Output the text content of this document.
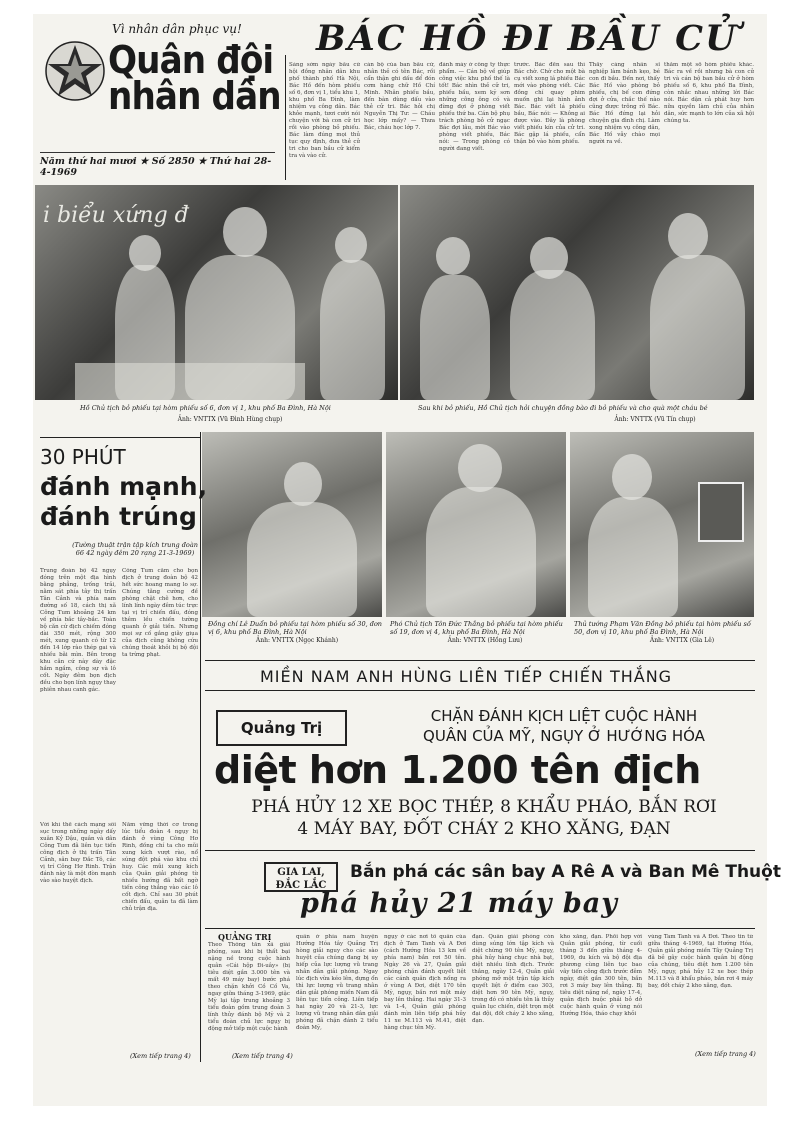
Vì nhân dân phục vụ!
Quân đội
nhân dân
Năm thứ hai mươi ★ Số 2850 ★ Thứ hai 28-4-1969
BÁC HỒ ĐI BẦU CỬ
Sáng sớm ngày bầu cử hội đồng nhân dân khu phố thành phố Hà Nội, Bác Hồ đến hòm phiếu số 6, đơn vị 1, tiểu khu 1, khu phố Ba Đình, làm nhiệm vụ công dân. Bác khỏe mạnh, tươi cười nói chuyện với bà con cử tri rồi vào phòng bỏ phiếu. Bác làm đúng mọi thủ tục quy định, đưa thẻ cử tri cho ban bầu cử kiểm tra và vào cử.
cán bộ của ban bầu cử, nhân thẻ có tên Bác, rồi cẩn thận ghi dấu để đón cơm hàng chữ Hồ Chí Minh. Nhân phiếu bầu, đến bàn dùng dấu vào thẻ cử tri. Bác hỏi chị Nguyễn Thị Tư: — Cháu học lớp mấy? — Thưa Bác, cháu học lớp 7.
đánh máy ở công ty thực phẩm. — Cán bộ về giúp công việc khu phố thế là tốt! Bác nhìn thẻ cử tri, phiếu bầu, xem kỹ sơn những công ông có và đừng đợi ở phòng viết phiếu thứ ba. Cán bộ phụ trách phòng bỏ cử ngạc Bác đợi lâu, mời Bác vào phòng viết phiếu, Bác nói: — Trong phòng có người đang viết.
trước. Bác đến sau thì Bác chờ. Chờ cho một bà cụ viết xong lá phiếu Bác mới vào phòng viết. Các đồng chí quay phim muốn ghi lại hình ảnh Bác. Bác viết lá phiếu bầu, Bác nói: — Không ai được vào. Đây là phòng viết phiếu kín của cử tri. Bác gập lá phiếu, cẩn thận bỏ vào hòm phiếu.
Thấy cảng nhân sĩ nghiệp làm bánh kẹo, bé con đi bầu. Đến nơi, thấy Bác Hồ vào phòng bỏ phiếu, chị bế con đứng đợi ở cửa, chắc thế nào cũng được trông rõ Bác. Bác Hồ đứng lại hỏi chuyện gia đình chị. Làm xong nhiệm vụ công dân, Bác Hồ vẫy chào mọi người ra về.
thăm một số hòm phiếu khác. Bác ra về rồi nhưng bà con cử tri và cán bộ ban bầu cử ở hòm phiếu số 6, khu phố Ba Đình, còn nhắc nhau những lời Bác nói. Bác dặn cả phát huy hơn nữa quyền làm chủ của nhân dân, sức mạnh to lớn của xã hội chúng ta.
i biểu xứng đ
Hồ Chủ tịch bỏ phiếu tại hòm phiếu số 6, đơn vị 1, khu phố Ba Đình, Hà Nội
Ảnh: VNTTX (Vũ Đình Hùng chụp)
Sau khi bỏ phiếu, Hồ Chủ tịch hỏi chuyện đồng bào đi bỏ phiếu và cho quà một cháu bé
Ảnh: VNTTX (Vũ Tín chụp)
Đồng chí Lê Duẩn bỏ phiếu tại hòm phiếu số 30, đơn vị 6, khu phố Ba Đình, Hà Nội
Ảnh: VNTTX (Ngọc Khánh)
Phó Chủ tịch Tôn Đức Thắng bỏ phiếu tại hòm phiếu số 19, đơn vị 4, khu phố Ba Đình, Hà Nội
Ảnh: VNTTX (Hồng Lưu)
Thủ tướng Phạm Văn Đồng bỏ phiếu tại hòm phiếu số 50, đơn vị 10, khu phố Ba Đình, Hà Nội
Ảnh: VNTTX (Gia Lê)
30 PHÚT
đánh mạnh,
đánh trúng
(Tường thuật trận tập kích trung đoàn 66 42 ngày đêm 20 rạng 21-3-1969)
Trung đoàn bộ 42 ngụy đóng trên một địa hình bằng phẳng, trống trải, nằm sát phía tây thị trấn Tân Cảnh và phía nam đường số 18, cách thị xã Công Tum khoảng 24 km về phía bắc tây-bắc. Toàn bộ căn cứ địch chiếm đóng dài 350 mét, rộng 300 mét, xung quanh có từ 12 đến 14 lớp rào thép gai và nhiều bãi mìn. Bên trong khu căn cứ này dày đặc hầm ngầm, công sự và lô cốt. Ngày đêm bọn địch đều cho bọn lính ngụy thay phiên nhau canh gác.
Công Tum cắm cho bọn địch ở trung đoàn bộ 42 hết sức hoang mang lo sợ. Chúng tăng cường đề phòng chặt chẽ hơn, cho lính lính ngày đêm túc trực tại vị trí chiến đấu, đóng thêm lều chiến tường quanh ở giải tiền. Nhưng mọi sự cố gắng giãy giụa của địch cũng không cứu chúng thoát khỏi bị bộ đội ta trừng phạt.
Với khí thế cách mạng sôi sục trong những ngày dấy xuân Kỷ Dậu, quân và dân Công Tum đã liên tục tiến công địch ở thị trấn Tân Cảnh, sân bay Đắc Tô, các vị trí Công Hơ Rinh. Trận đánh này là một đòn mạnh vào sào huyệt địch.
Nắm vững thời cơ trong lúc tiểu đoàn 4 ngụy bị đánh ở vùng Công Hơ Rinh, đồng chí ta cho mũi xung kích vượt rào, nổ súng đột phá vào khu chỉ huy. Các mũi xung kích của Quân giải phóng từ nhiều hướng đã bất ngờ tiến công thẳng vào các lô cốt địch. Chỉ sau 30 phút chiến đấu, quân ta đã làm chủ trận địa.
(Xem tiếp trang 4)
MIỀN NAM ANH HÙNG LIÊN TIẾP CHIẾN THẮNG
Quảng Trị
CHẶN ĐÁNH KỊCH LIỆT CUỘC HÀNH
QUÂN CỦA MỸ, NGỤY Ở HƯỚNG HÓA
diệt hơn 1.200 tên địch
PHÁ HỦY 12 XE BỌC THÉP, 8 KHẨU PHÁO, BẮN RƠI
4 MÁY BAY, ĐỐT CHÁY 2 KHO XĂNG, ĐẠN
GIA LAI,
ĐẮC LẮC
Bắn phá các sân bay A Rê A và Ban Mê Thuột
phá hủy 21 máy bay
QUẢNG TRỊ
Theo Thông tấn xã giải phóng, sau khi bị thất bại nặng nề trong cuộc hành quân «Cái hộp Đi-uây» (bị tiêu diệt gần 3.000 tên và mất 49 máy bay) bước phá theo chặn khởi Cồ Cồ Va, ngay giữa tháng 3-1969, giặc Mỹ lại tập trung khoảng 3 tiểu đoàn gồm trung đoàn 3 lính thủy đánh bộ Mỹ và 2 tiểu đoàn chủ lực ngụy bị động mở tiếp một cuộc hành
quân ở phía nam huyện Hướng Hóa tây Quảng Trị hòng giải nguy cho các sào huyệt của chúng đang bị uy hiếp của lực lượng vũ trang nhân dân giải phóng. Ngay lúc địch vừa kéo lên, dựng ổn thì lực lượng vũ trang nhân dân giải phóng miền Nam đã liên tục tiến công. Liên tiếp hai ngày 20 và 21-3, lực lượng vũ trang nhân dân giải phóng đã chặn đánh 2 tiểu đoàn Mỹ,
ngụy ở các nơi tô quân của địch ở Tam Tanh và A Đơi (cách Hướng Hóa 13 km về phía nam) bắn rơi 50 tên. Ngày 26 và 27, Quân giải phóng chặn đánh quyết liệt các cánh quân địch nống ra ở vùng A Đơi, diệt 170 tên Mỹ, ngụy, bắn rơi một máy bay lên thẳng. Hai ngày 31-3 và 1-4, Quân giải phóng đánh mìn liên tiếp phá hủy 11 xe M.113 và M.41, diệt hàng chục tên Mỹ.
đạn. Quân giải phóng còn dùng súng lớn tập kích và diệt chừng 90 tên Mỹ, ngụy, phá hủy hàng chục nhà bạt, diệt nhiều lính địch. Trước thắng, ngày 12-4, Quân giải phóng mở một trận tập kích quyết liệt ở điểm cao 303, diệt hơn 90 tên Mỹ, ngụy, trong đó có nhiều tên là thủy quân lục chiến, diệt trọn một đại đội, đốt cháy 2 kho xăng, đạn.
kho xăng, đạn. Phối hợp với Quân giải phóng, từ cuối tháng 3 đến giữa tháng 4-1969, du kích và bộ đội địa phương cùng liên tục bao vây tiến công địch trước đêm ngày, diệt gần 300 tên, bắn rơi 3 máy bay lên thẳng. Bị tiêu diệt nặng nề, ngày 17-4, quân địch buộc phải bỏ dở cuộc hành quân ở vùng nói Hướng Hóa, tháo chạy khỏi
vùng Tam Tanh và A Đơi. Theo tin từ giữa tháng 4-1969, tại Hướng Hóa, Quân giải phóng miền Tây Quảng Trị đã bẻ gãy cuộc hành quân bị động của chúng, tiêu diệt hơn 1.200 tên Mỹ, ngụy, phá hủy 12 xe bọc thép M.113 và 8 khẩu pháo, bắn rơi 4 máy bay, đốt cháy 2 kho xăng, đạn.
(Xem tiếp trang 4)	(Xem tiếp trang 4)
